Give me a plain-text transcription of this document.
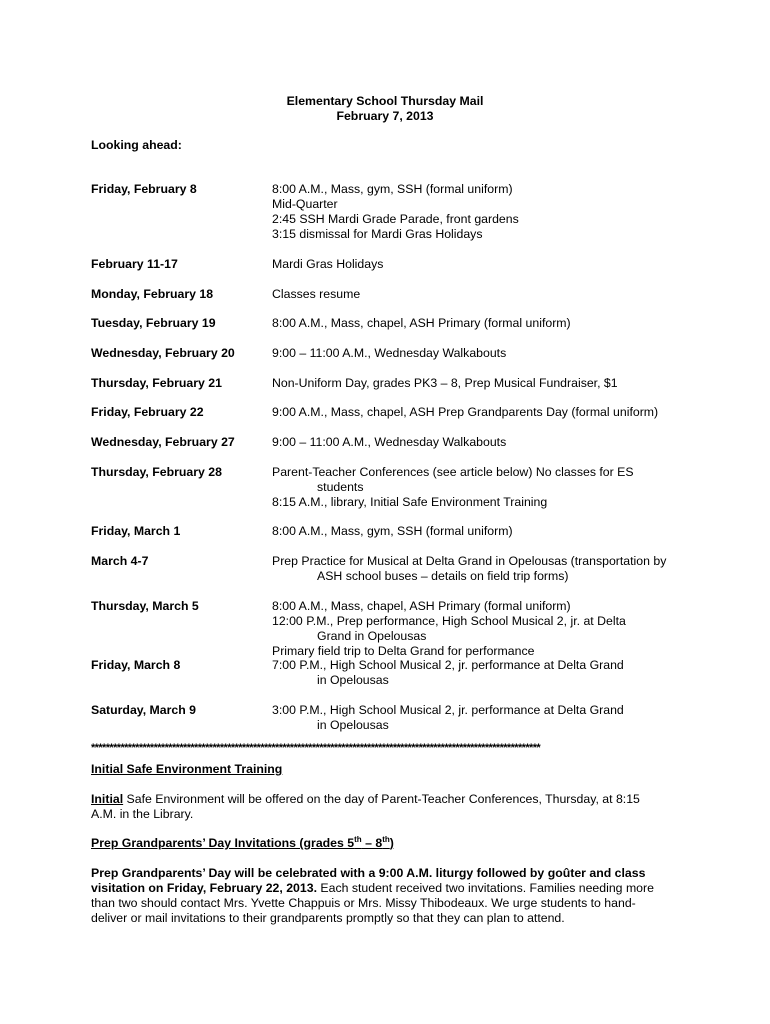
Elementary School Thursday Mail
February 7, 2013
Looking ahead:
Friday, February 8	8:00 A.M., Mass, gym, SSH (formal uniform)
Mid-Quarter
2:45 SSH Mardi Grade Parade, front gardens
3:15 dismissal for Mardi Gras Holidays
February 11-17	Mardi Gras Holidays
Monday, February 18	Classes resume
Tuesday, February 19	8:00 A.M., Mass, chapel, ASH Primary (formal uniform)
Wednesday, February 20	9:00 – 11:00 A.M., Wednesday Walkabouts
Thursday, February 21	Non-Uniform Day, grades PK3 – 8, Prep Musical Fundraiser, $1
Friday, February 22	9:00 A.M., Mass, chapel, ASH Prep Grandparents Day (formal uniform)
Wednesday, February 27	9:00 – 11:00 A.M., Wednesday Walkabouts
Thursday, February 28	Parent-Teacher Conferences (see article below) No classes for ES
students
8:15 A.M., library, Initial Safe Environment Training
Friday, March 1	8:00 A.M., Mass, gym, SSH (formal uniform)
March 4-7	Prep Practice for Musical at Delta Grand in Opelousas (transportation by
ASH school buses – details on field trip forms)
Thursday, March 5	8:00 A.M., Mass, chapel, ASH Primary (formal uniform)
12:00 P.M., Prep performance, High School Musical 2, jr. at Delta
Grand in Opelousas
Primary field trip to Delta Grand for performance
Friday, March 8	7:00 P.M., High School Musical 2, jr. performance at Delta Grand
in Opelousas
Saturday, March 9	3:00 P.M., High School Musical 2, jr. performance at Delta Grand
in Opelousas
**************************************************************************************************************************
Initial Safe Environment Training
Initial Safe Environment will be offered on the day of Parent-Teacher Conferences, Thursday, at 8:15
A.M. in the Library.
Prep Grandparents’ Day Invitations (grades 5th – 8th)
Prep Grandparents’ Day will be celebrated with a 9:00 A.M. liturgy followed by goûter and class
visitation on Friday, February 22, 2013. Each student received two invitations. Families needing more
than two should contact Mrs. Yvette Chappuis or Mrs. Missy Thibodeaux. We urge students to hand-
deliver or mail invitations to their grandparents promptly so that they can plan to attend.
